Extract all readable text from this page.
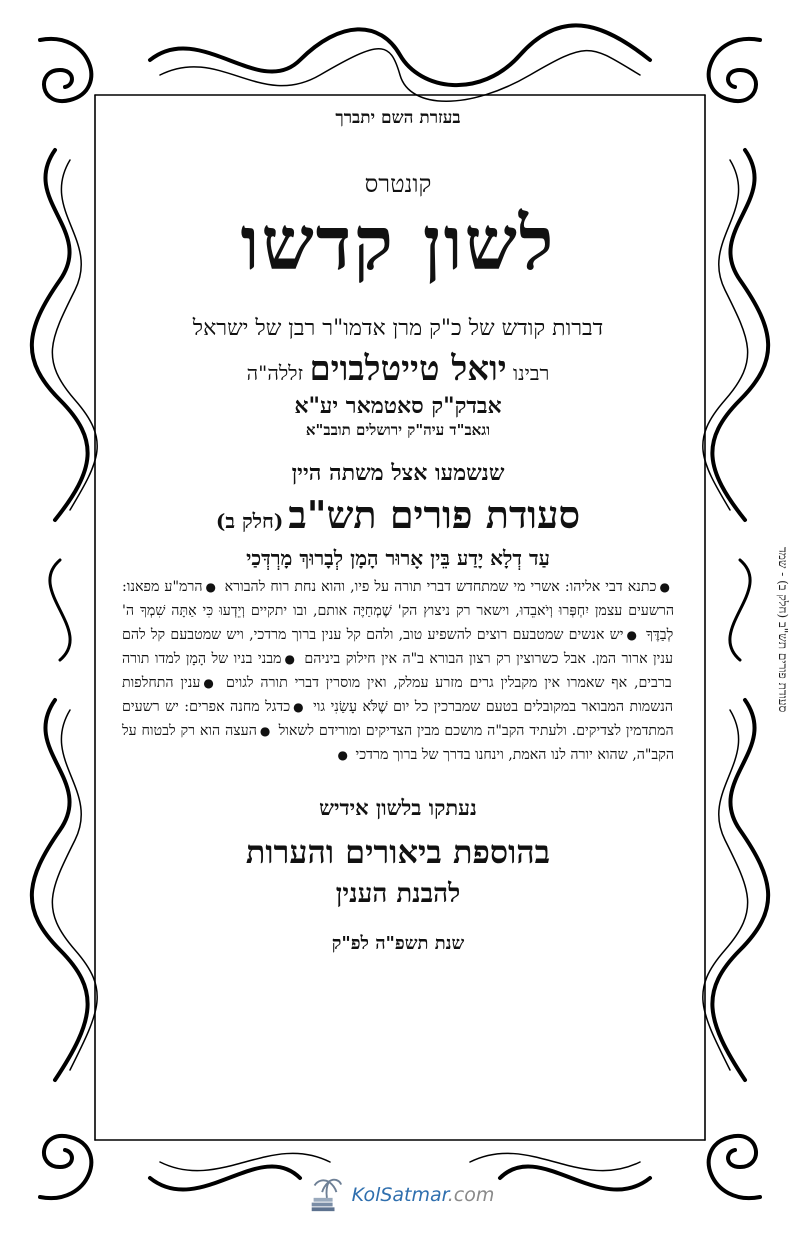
בעזרת השם יתברך
קונטרס
לשון קדשו
דברות קודש של כ"ק מרן אדמו"ר רבן של ישראל
רבינו יואל טייטלבוים זללה"ה
אבדק"ק סאטמאר יע"א
וגאב"ד עיה"ק ירושלים תובב"א
שנשמעו אצל משתה היין
סעודת פורים תש"ב (חלק ב)
עַד דְלָא יָדַע בֵּין אָרוּר הָמָן לְבָרוּךְ מָרְדְּכַי
●כתנא דבי אליהו: אשרי מי שמתחדש דברי תורה על פיו, והוא נחת רוח להבורא ●הרמ"ע מפאנו: הרשעים עצמן יִחְפְּרוּ וְיֹאבֵדוּ, וישאר רק ניצוץ הק' שֶׁמְחַיֶּה אותם, ובו יתקיים וְיֵדְעוּ כִּי אַתָּה שִׁמְךָ ה' לְבַדֶּךָ ●יש אנשים שמטבעם רוצים להשפיע טוב, ולהם קל ענין ברוך מרדכי, ויש שמטבעם קל להם ענין ארור המן. אבל כשרוצין רק רצון הבורא ב"ה אין חילוק ביניהם ●מבני בניו של הָמָן למדו תורה ברבים, אף שאמרו אין מקבלין גרים מזרע עמלק, ואין מוסרין דברי תורה לגוים ●ענין התחלפות הנשמות המבואר במקובלים בטעם שמברכין כל יום שֶׁלֹּא עָשַׂנִי גוי ●כדגל מחנה אפרים: יש רשעים המתדמין לצדיקים. ולעתיד הקב"ה מושכם מבין הצדיקים ומורידם לשאול ●העצה הוא רק לבטוח על הקב"ה, שהוא יורה לנו האמת, וינחנו בדרך של ברוך מרדכי ●
נעתקו בלשון אידיש
בהוספת ביאורים והערות
להבנת הענין
שנת תשפ"ה לפ"ק
סעודת פורים תש"ב (חלק ב) - שמד
KolSatmar.com
